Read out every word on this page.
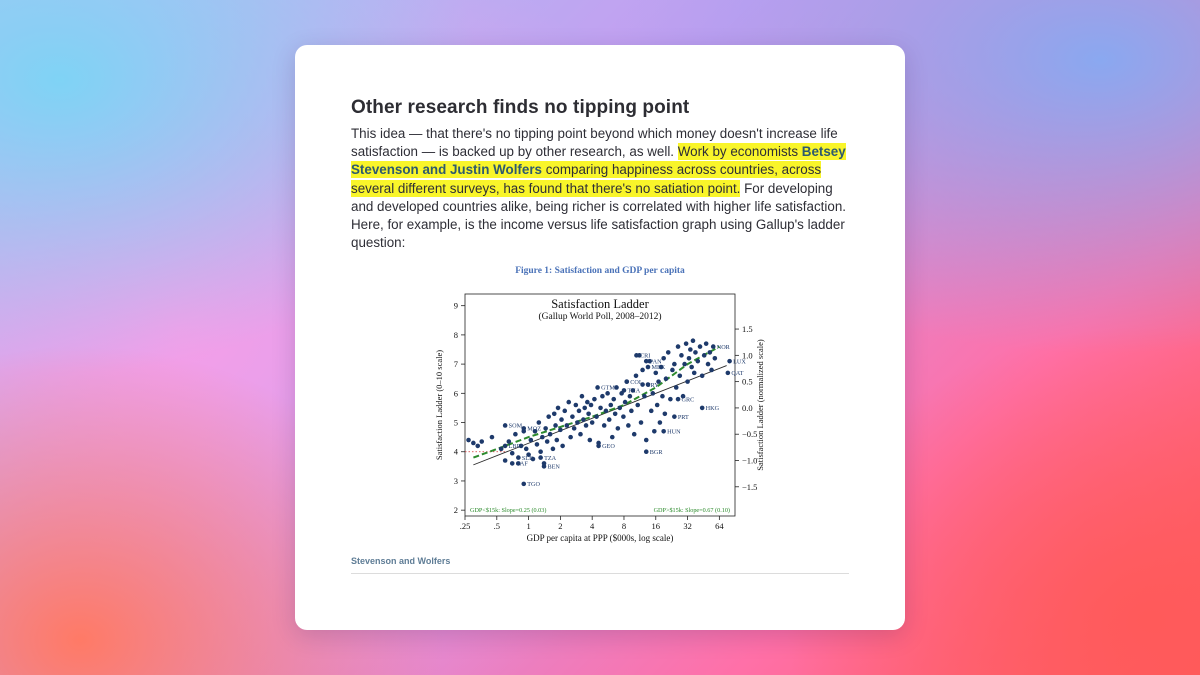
Other research finds no tipping point

This idea — that there's no tipping point beyond which money doesn't increase life satisfaction — is backed up by other research, as well. Work by economists Betsey Stevenson and Justin Wolfers comparing happiness across countries, across several different surveys, has found that there's no satiation point. For developing and developed countries alike, being richer is correlated with higher life satisfaction. Here, for example, is the income versus life satisfaction graph using Gallup's ladder question:

Figure 1: Satisfaction and GDP per capita
Satisfaction Ladder
(Gallup World Poll, 2008–2012)
TGO
SOM MOZ
BEN
CAF
SLE TZA
LBR
GTM
COL
THA
URY
CRI
PAN
MEX
GRC
PRT
HUN
BGR
GEO
HKG
LUX
QAT
NOR
.25	.5	1	2	4	8	16	32	64
2
3
4
5
6
7
8
9
−1.5
−1.0
−0.5
0.0
0.5
1.0
1.5
GDP<$15k: Slope=0.25 (0.03)	GDP>$15k: Slope=0.67 (0.10)
GDP per capita at PPP ($000s, log scale)
Satisfaction Ladder (0–10 scale)	Satisfaction Ladder (normalized scale)
Stevenson and Wolfers
